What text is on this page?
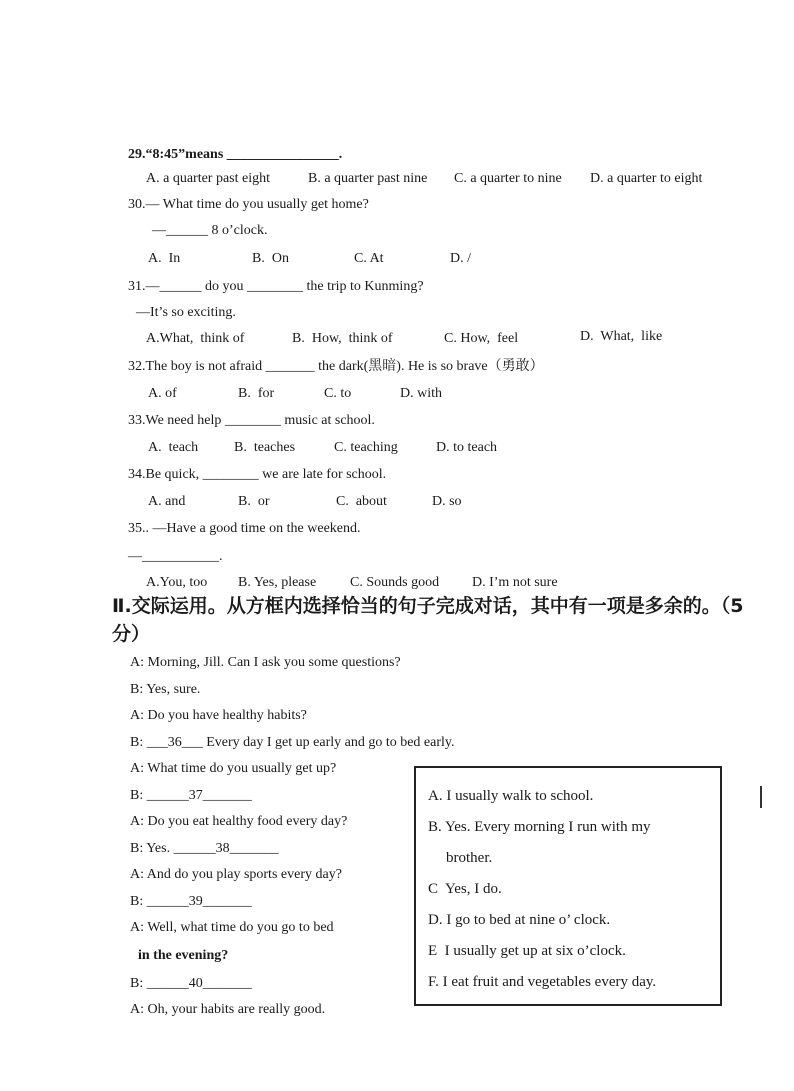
29.“8:45”means ________________.
A. a quarter past eight	B. a quarter past nine C. a quarter to nine D. a quarter to eight
30.— What time do you usually get home?
—______ 8 o’clock.
A.  In	B.  On	C. At	D. /
31.—______ do you ________ the trip to Kunming?
—It’s so exciting.
A.What,  think of	B.  How,  think of	C. How,  feel	D.  What,  like
32.The boy is not afraid _______ the dark(黑暗). He is so brave（勇敢）
A. of	B.  for	C. to	D. with
33.We need help ________ music at school.
A.  teach	B.  teaches	C. teaching	D. to teach
34.Be quick, ________ we are late for school.
A. and	B.  or	C.  about	D. so
35.. —Have a good time on the weekend.
—___________.
A.You, too B. Yes, please C. Sounds good D. I’m not sure
Ⅱ.交际运用。从方框内选择恰当的句子完成对话，其中有一项是多余的。（5 分）
A: Morning, Jill. Can I ask you some questions?
B: Yes, sure.
A: Do you have healthy habits?
B: ___36___ Every day I get up early and go to bed early.
A: What time do you usually get up?
B: ______37_______
A: Do you eat healthy food every day?
B: Yes. ______38_______
A: And do you play sports every day?
B: ______39_______
A: Well, what time do you go to bed
in the evening?
B: ______40_______
A: Oh, your habits are really good.
A. I usually walk to school.
B. Yes. Every morning I run with my
brother.
C  Yes, I do.
D. I go to bed at nine o’ clock.
E  I usually get up at six o’clock.
F. I eat fruit and vegetables every day.
